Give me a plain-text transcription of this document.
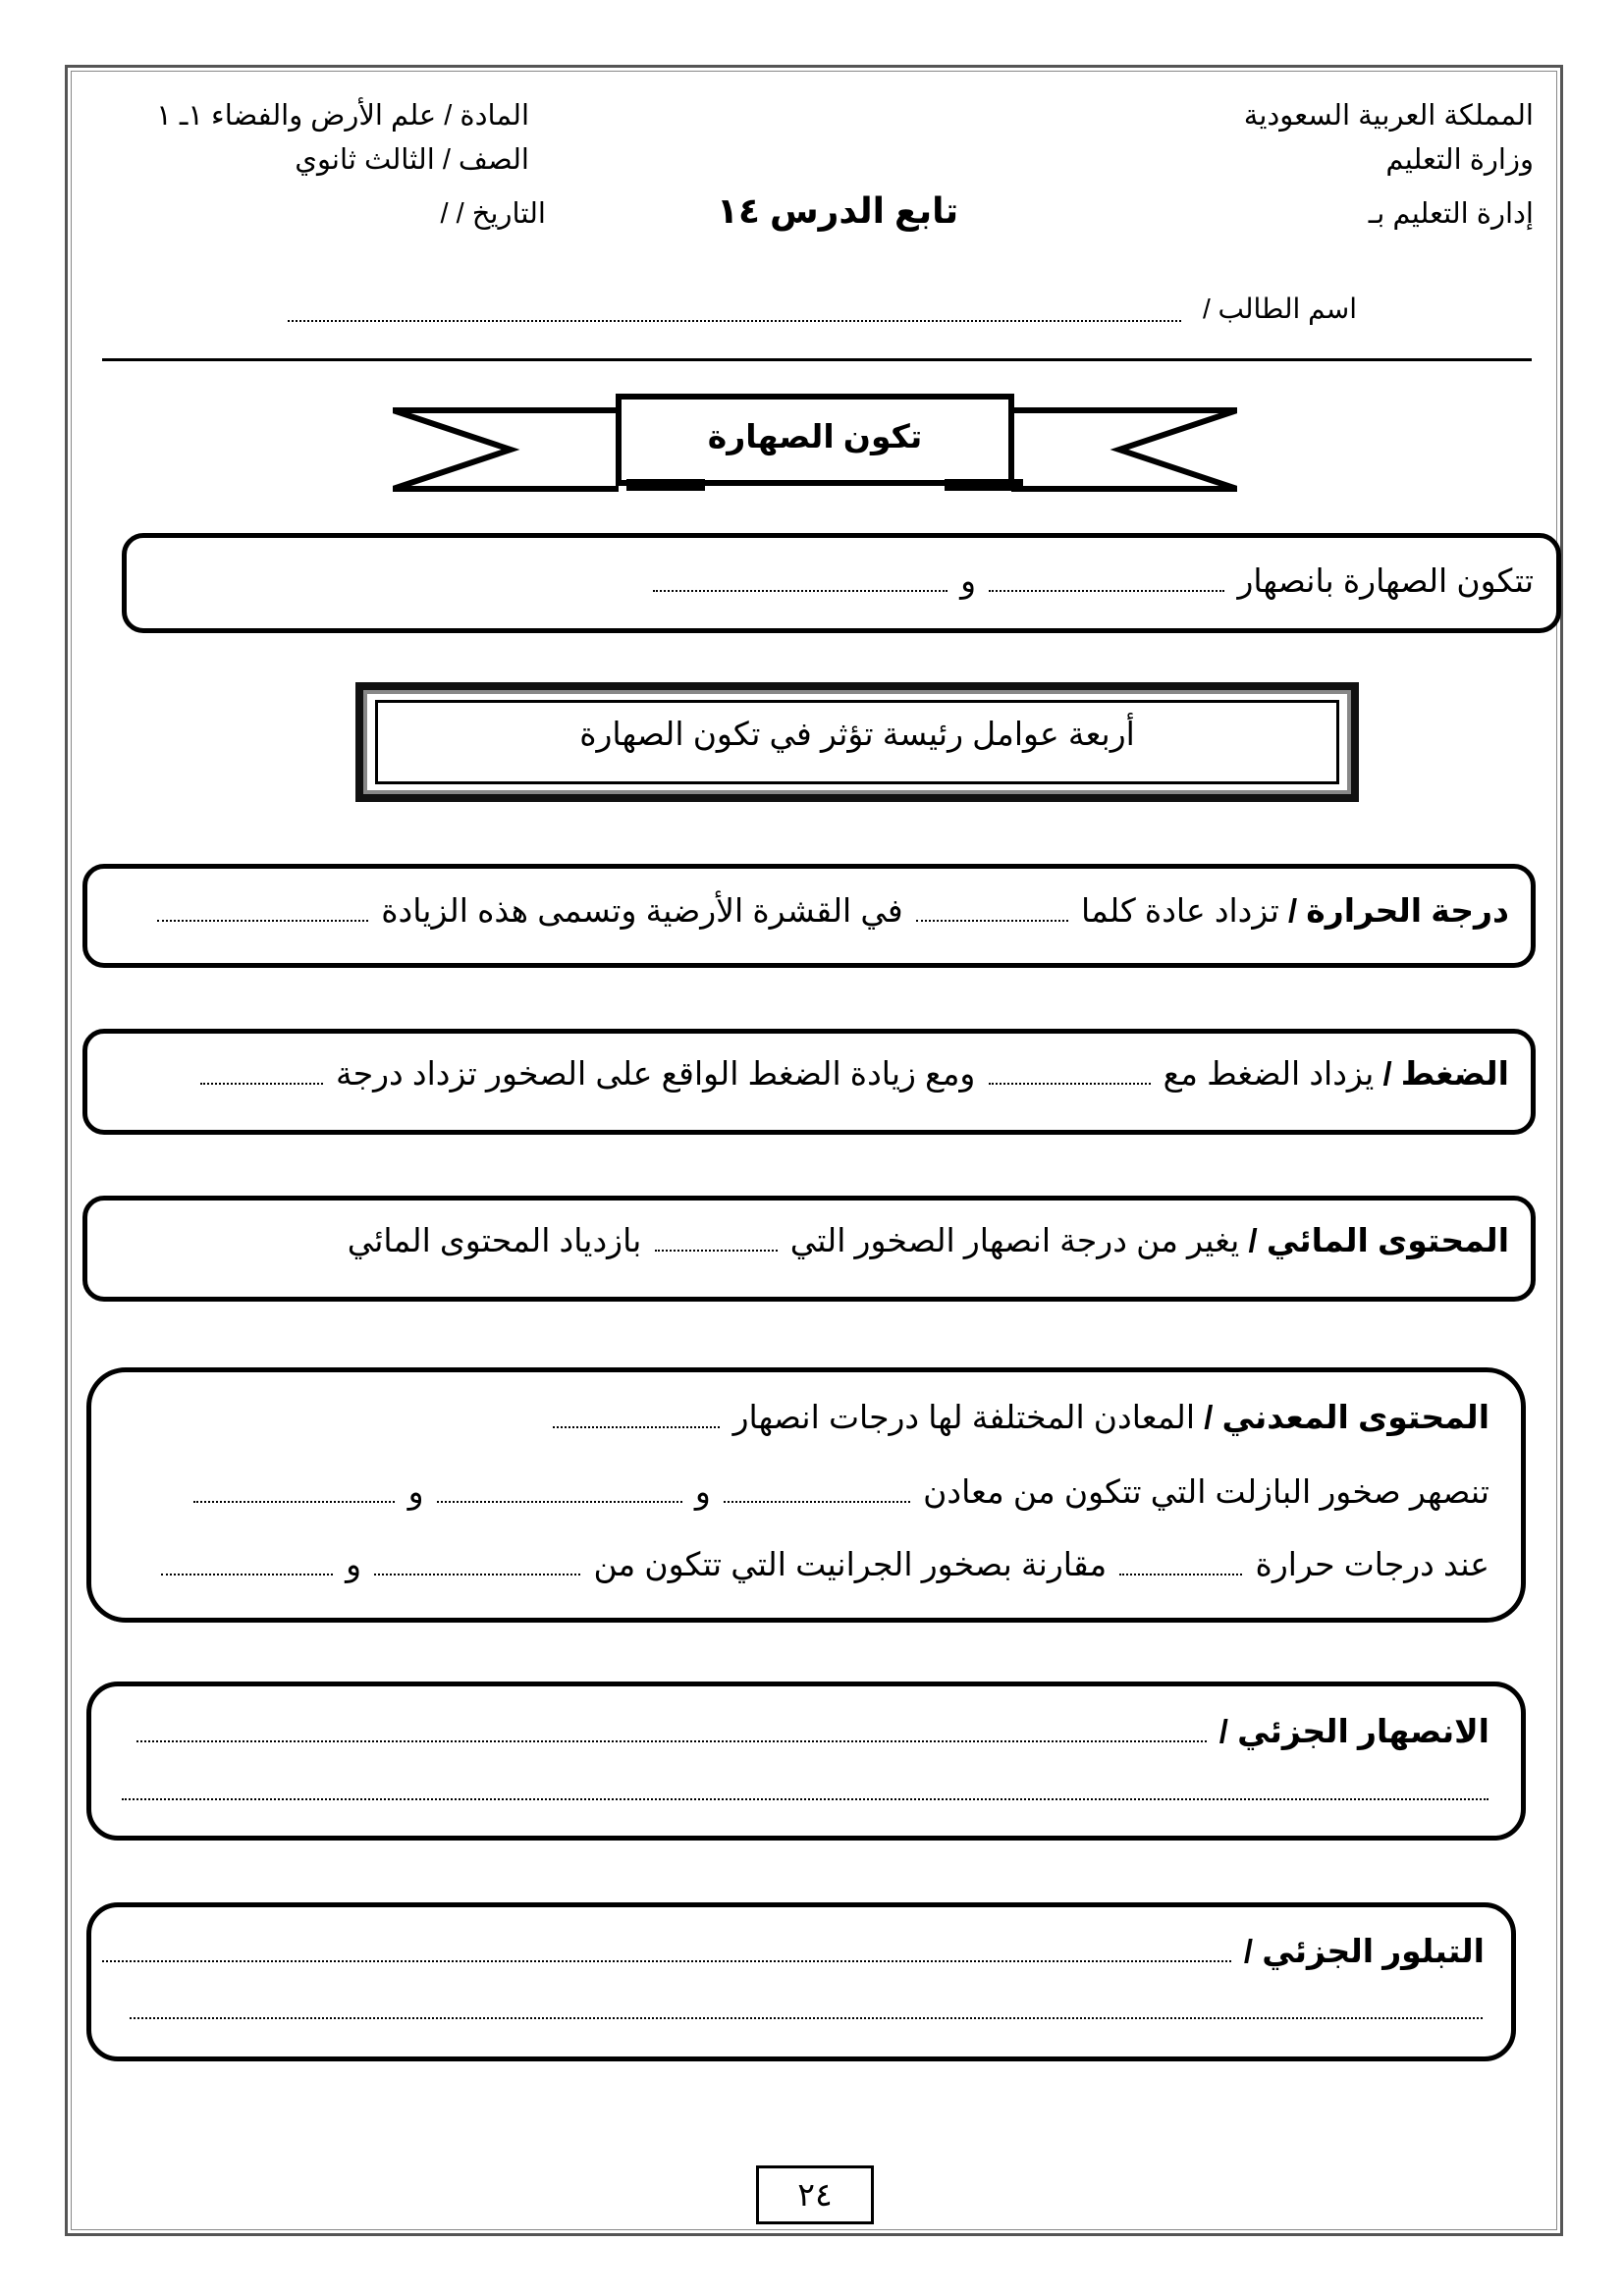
المملكة العربية السعودية
وزارة التعليم
إدارة التعليم بـ
المادة / علم الأرض والفضاء ١ـ ١
الصف / الثالث ثانوي
التاريخ / /	تابع الدرس ١٤
اسم الطالب /
تكون الصهارة
تتكون الصهارة بانصهار  و
أربعة عوامل رئيسة تؤثر في تكون الصهارة
درجة الحرارة / تزداد عادة كلما  في القشرة الأرضية وتسمى هذه الزيادة
الضغط / يزداد الضغط مع  ومع زيادة الضغط الواقع على الصخور تزداد درجة
المحتوى المائي / يغير من درجة انصهار الصخور التي  بازدياد المحتوى المائي
المحتوى المعدني / المعادن المختلفة لها درجات انصهار
تنصهر صخور البازلت التي تتكون من معادن  و  و
عند درجات حرارة  مقارنة بصخور الجرانيت التي تتكون من  و
الانصهار الجزئي /
التبلور الجزئي /
٢٤
